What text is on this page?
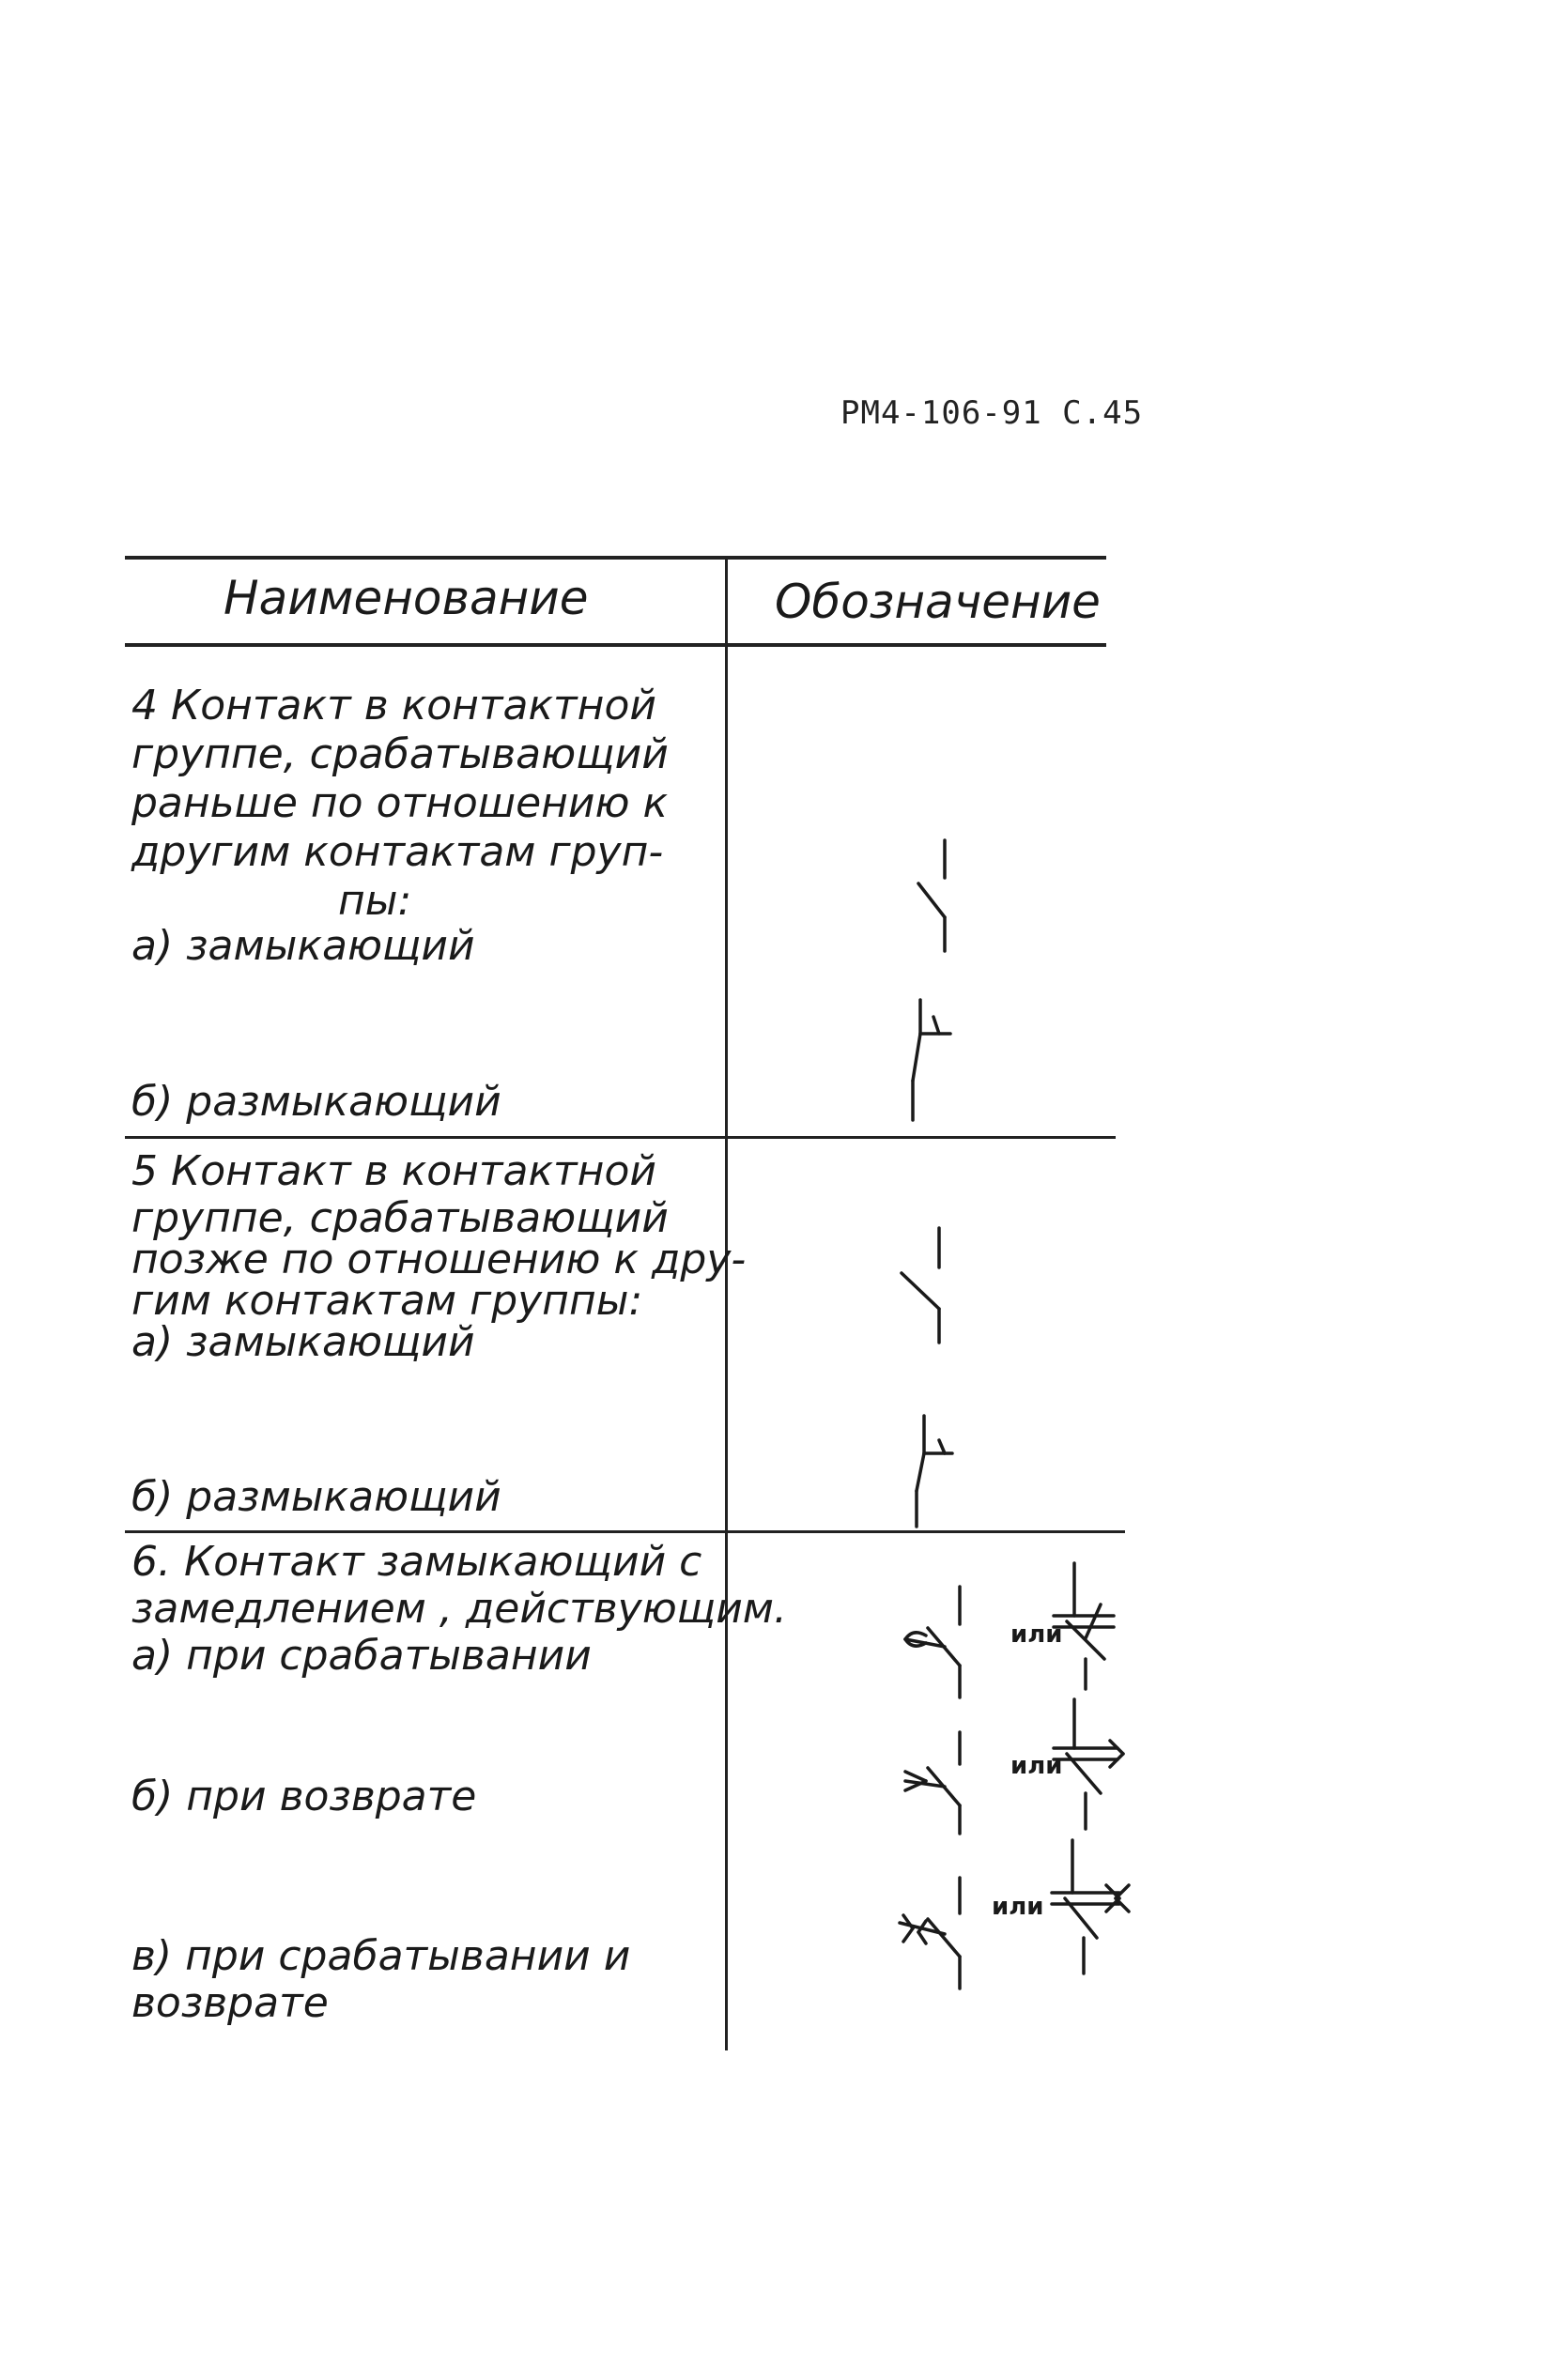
РМ4-106-91 С.45
Наименование	Обозначение
4 Контакт в контактной
группе, срабатывающий
раньше по отношению к
другим контактам груп-
пы:
а) замыкающий
б) размыкающий
5 Контакт в контактной
группе, срабатывающий
позже по отношению к дру-
гим контактам группы:
а) замыкающий
б) размыкающий
6. Контакт замыкающий с
замедлением , действующим.
а) при срабатывании
б) при возврате
в) при срабатывании и
возврате
или
или
или
